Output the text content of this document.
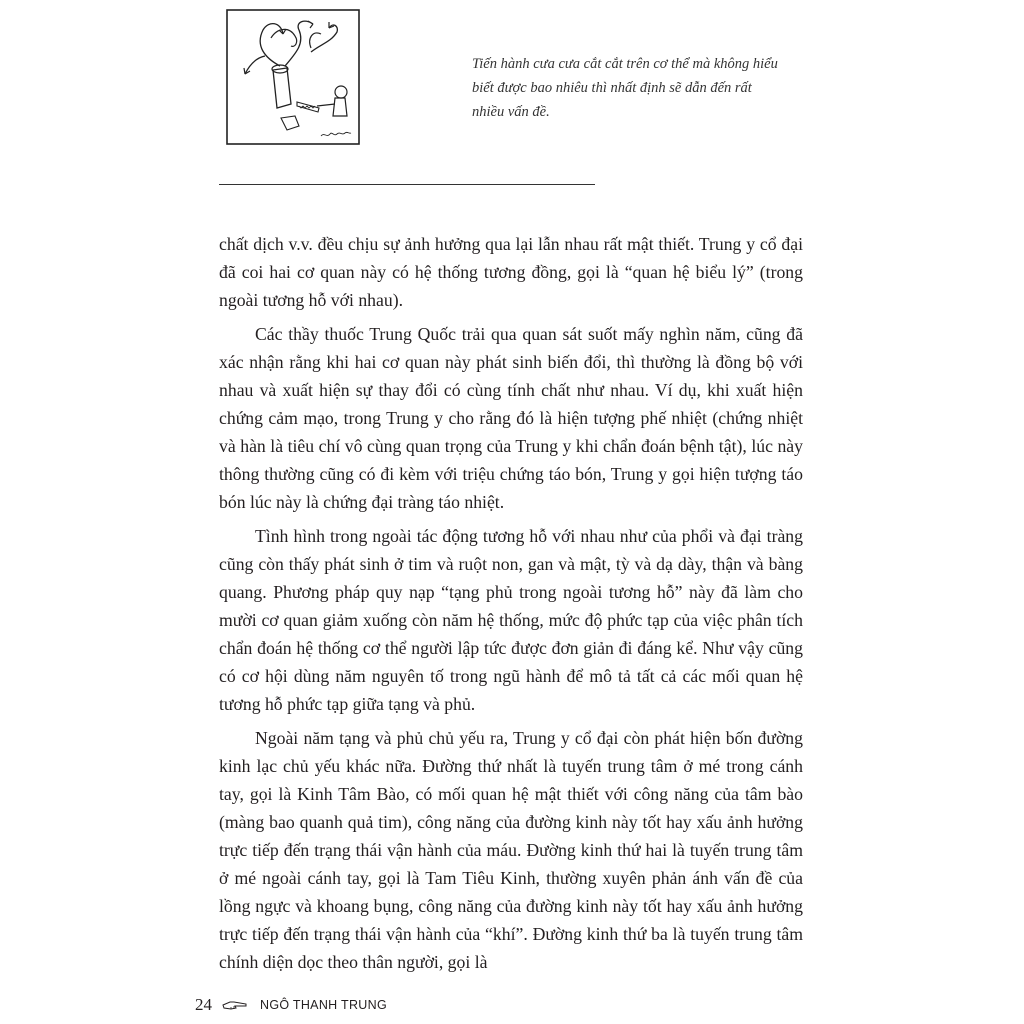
Tiến hành cưa cưa cắt cắt trên cơ thể mà không hiểu
biết được bao nhiêu thì nhất định sẽ dẫn đến rất
nhiều vấn đề.

chất dịch v.v. đều chịu sự ảnh hưởng qua lại lẫn nhau rất mật thiết. Trung y cổ đại đã coi hai cơ quan này có hệ thống tương đồng, gọi là “quan hệ biểu lý” (trong ngoài tương hỗ với nhau).

Các thầy thuốc Trung Quốc trải qua quan sát suốt mấy nghìn năm, cũng đã xác nhận rằng khi hai cơ quan này phát sinh biến đổi, thì thường là đồng bộ với nhau và xuất hiện sự thay đổi có cùng tính chất như nhau. Ví dụ, khi xuất hiện chứng cảm mạo, trong Trung y cho rằng đó là hiện tượng phế nhiệt (chứng nhiệt và hàn là tiêu chí vô cùng quan trọng của Trung y khi chẩn đoán bệnh tật), lúc này thông thường cũng có đi kèm với triệu chứng táo bón, Trung y gọi hiện tượng táo bón lúc này là chứng đại tràng táo nhiệt.

Tình hình trong ngoài tác động tương hỗ với nhau như của phổi và đại tràng cũng còn thấy phát sinh ở tim và ruột non, gan và mật, tỳ và dạ dày, thận và bàng quang. Phương pháp quy nạp “tạng phủ trong ngoài tương hỗ” này đã làm cho mười cơ quan giảm xuống còn năm hệ thống, mức độ phức tạp của việc phân tích chẩn đoán hệ thống cơ thể người lập tức được đơn giản đi đáng kể. Như vậy cũng có cơ hội dùng năm nguyên tố trong ngũ hành để mô tả tất cả các mối quan hệ tương hỗ phức tạp giữa tạng và phủ.

Ngoài năm tạng và phủ chủ yếu ra, Trung y cổ đại còn phát hiện bốn đường kinh lạc chủ yếu khác nữa. Đường thứ nhất là tuyến trung tâm ở mé trong cánh tay, gọi là Kinh Tâm Bào, có mối quan hệ mật thiết với công năng của tâm bào (màng bao quanh quả tim), công năng của đường kinh này tốt hay xấu ảnh hưởng trực tiếp đến trạng thái vận hành của máu. Đường kinh thứ hai là tuyến trung tâm ở mé ngoài cánh tay, gọi là Tam Tiêu Kinh, thường xuyên phản ánh vấn đề của lồng ngực và khoang bụng, công năng của đường kinh này tốt hay xấu ảnh hưởng trực tiếp đến trạng thái vận hành của “khí”. Đường kinh thứ ba là tuyến trung tâm chính diện dọc theo thân người, gọi là

24	NGÔ THANH TRUNG
